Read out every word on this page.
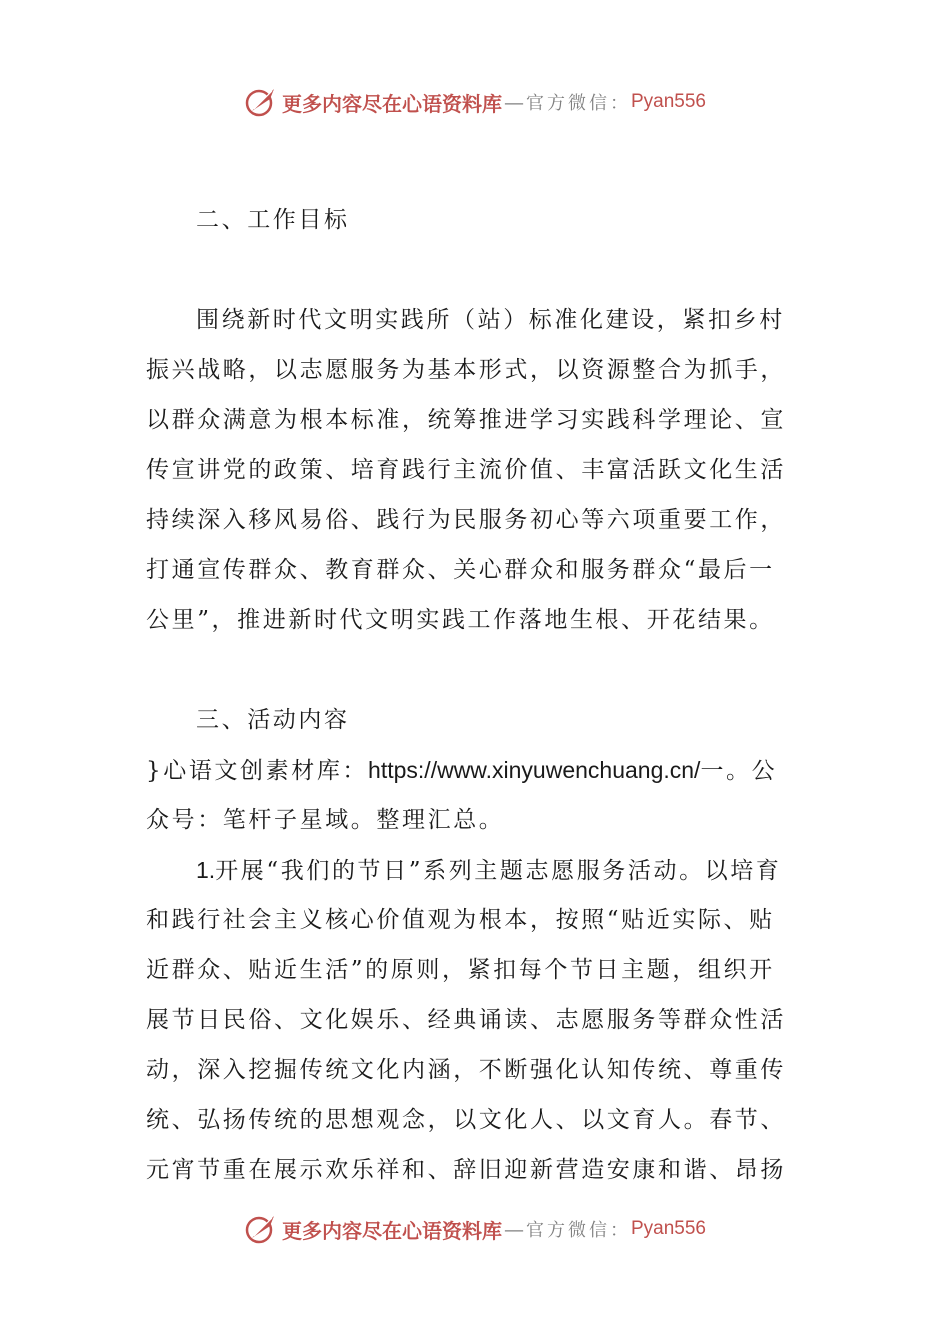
更多内容尽在心语资料库 — 官方微信： Pyan556
二、工作目标
围绕新时代文明实践所（站）标准化建设，紧扣乡村
振兴战略，以志愿服务为基本形式，以资源整合为抓手，
以群众满意为根本标准，统筹推进学习实践科学理论、宣
传宣讲党的政策、培育践行主流价值、丰富活跃文化生活
持续深入移风易俗、践行为民服务初心等六项重要工作，
打通宣传群众、教育群众、关心群众和服务群众“最后一
公里”，推进新时代文明实践工作落地生根、开花结果。
三、活动内容
}心语文创素材库：https://www.xinyuwenchuang.cn/一。公
众号：笔杆子星域。整理汇总。
1.开展“我们的节日”系列主题志愿服务活动。以培育
和践行社会主义核心价值观为根本，按照“贴近实际、贴
近群众、贴近生活”的原则，紧扣每个节日主题，组织开
展节日民俗、文化娱乐、经典诵读、志愿服务等群众性活
动，深入挖掘传统文化内涵，不断强化认知传统、尊重传
统、弘扬传统的思想观念，以文化人、以文育人。春节、
元宵节重在展示欢乐祥和、辞旧迎新营造安康和谐、昂扬
更多内容尽在心语资料库 — 官方微信： Pyan556
